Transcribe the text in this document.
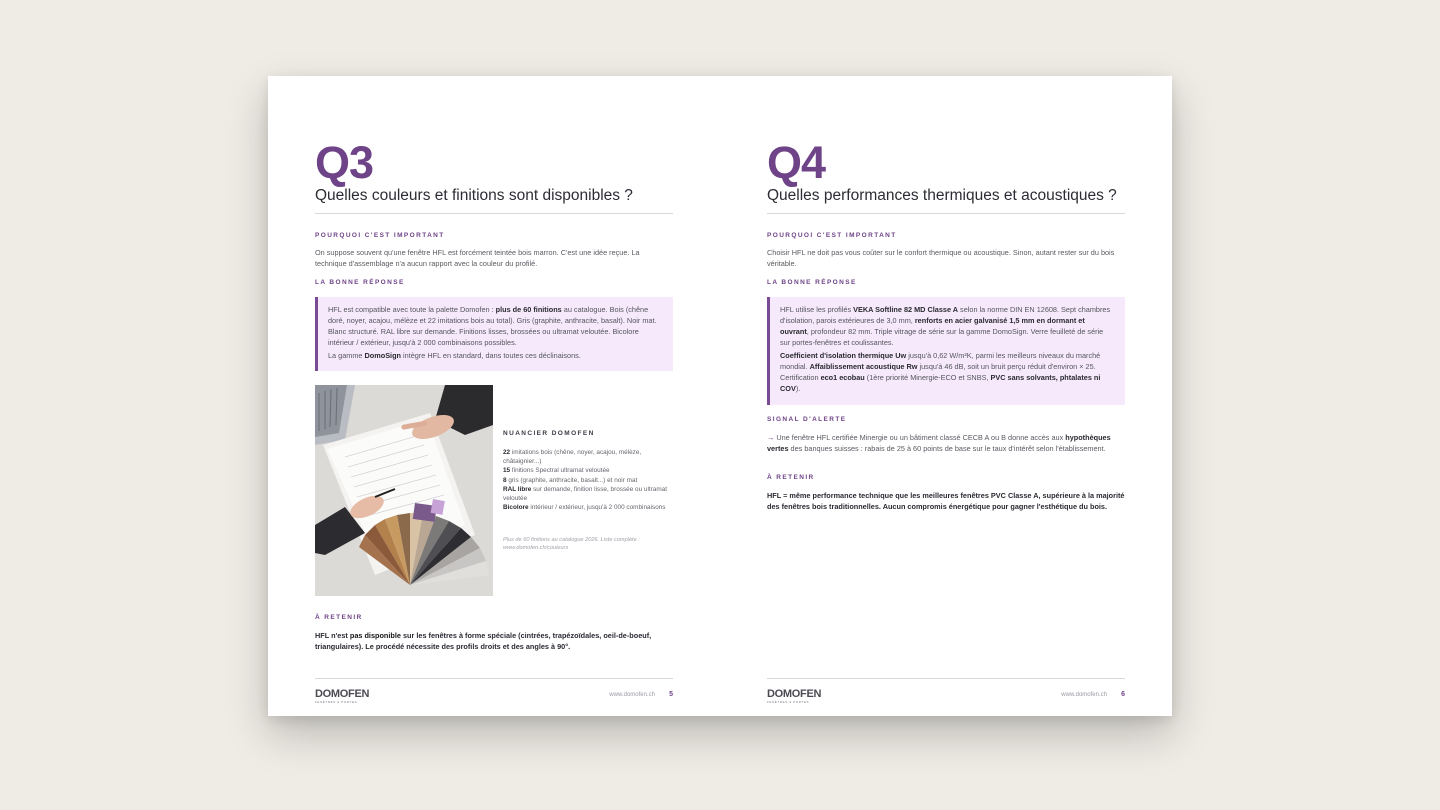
Q3
Quelles couleurs et finitions sont disponibles ?
POURQUOI C'EST IMPORTANT
On suppose souvent qu'une fenêtre HFL est forcément teintée bois marron. C'est une idée reçue. La technique d'assemblage n'a aucun rapport avec la couleur du profilé.
LA BONNE RÉPONSE

HFL est compatible avec toute la palette Domofen : plus de 60 finitions au catalogue. Bois (chêne doré, noyer, acajou, mélèze et 22 imitations bois au total). Gris (graphite, anthracite, basalt). Noir mat. Blanc structuré. RAL libre sur demande. Finitions lisses, brossées ou ultramat veloutée. Bicolore intérieur / extérieur, jusqu'à 2 000 combinaisons possibles.

La gamme DomoSign intègre HFL en standard, dans toutes ces déclinaisons.

NUANCIER DOMOFEN
22 imitations bois (chêne, noyer, acajou, mélèze, châtaignier...)
15 finitions Spectral ultramat veloutée
8 gris (graphite, anthracite, basalt...) et noir mat
RAL libre sur demande, finition lisse, brossée ou ultramat veloutée
Bicolore intérieur / extérieur, jusqu'à 2 000 combinaisons
Plus de 60 finitions au catalogue 2026. Liste complète : www.domofen.ch/couleurs
À RETENIR
HFL n'est pas disponible sur les fenêtres à forme spéciale (cintrées, trapézoïdales, oeil-de-boeuf, triangulaires). Le procédé nécessite des profils droits et des angles à 90°.
DOMOFEN
FENÊTRES & PORTES
www.domofen.ch 5
Q4
Quelles performances thermiques et acoustiques ?
POURQUOI C'EST IMPORTANT
Choisir HFL ne doit pas vous coûter sur le confort thermique ou acoustique. Sinon, autant rester sur du bois véritable.
LA BONNE RÉPONSE

HFL utilise les profilés VEKA Softline 82 MD Classe A selon la norme DIN EN 12608. Sept chambres d'isolation, parois extérieures de 3,0 mm, renforts en acier galvanisé 1,5 mm en dormant et ouvrant, profondeur 82 mm. Triple vitrage de série sur la gamme DomoSign. Verre feuilleté de série sur portes-fenêtres et coulissantes.

Coefficient d'isolation thermique Uw jusqu'à 0,62 W/m²K, parmi les meilleurs niveaux du marché mondial. Affaiblissement acoustique Rw jusqu'à 46 dB, soit un bruit perçu réduit d'environ × 25. Certification eco1 ecobau (1ère priorité Minergie-ECO et SNBS, PVC sans solvants, phtalates ni COV).

SIGNAL D'ALERTE
→ Une fenêtre HFL certifiée Minergie ou un bâtiment classé CECB A ou B donne accès aux hypothèques vertes des banques suisses : rabais de 25 à 60 points de base sur le taux d'intérêt selon l'établissement.
À RETENIR
HFL = même performance technique que les meilleures fenêtres PVC Classe A, supérieure à la majorité des fenêtres bois traditionnelles. Aucun compromis énergétique pour gagner l'esthétique du bois.
DOMOFEN
FENÊTRES & PORTES
www.domofen.ch 6
